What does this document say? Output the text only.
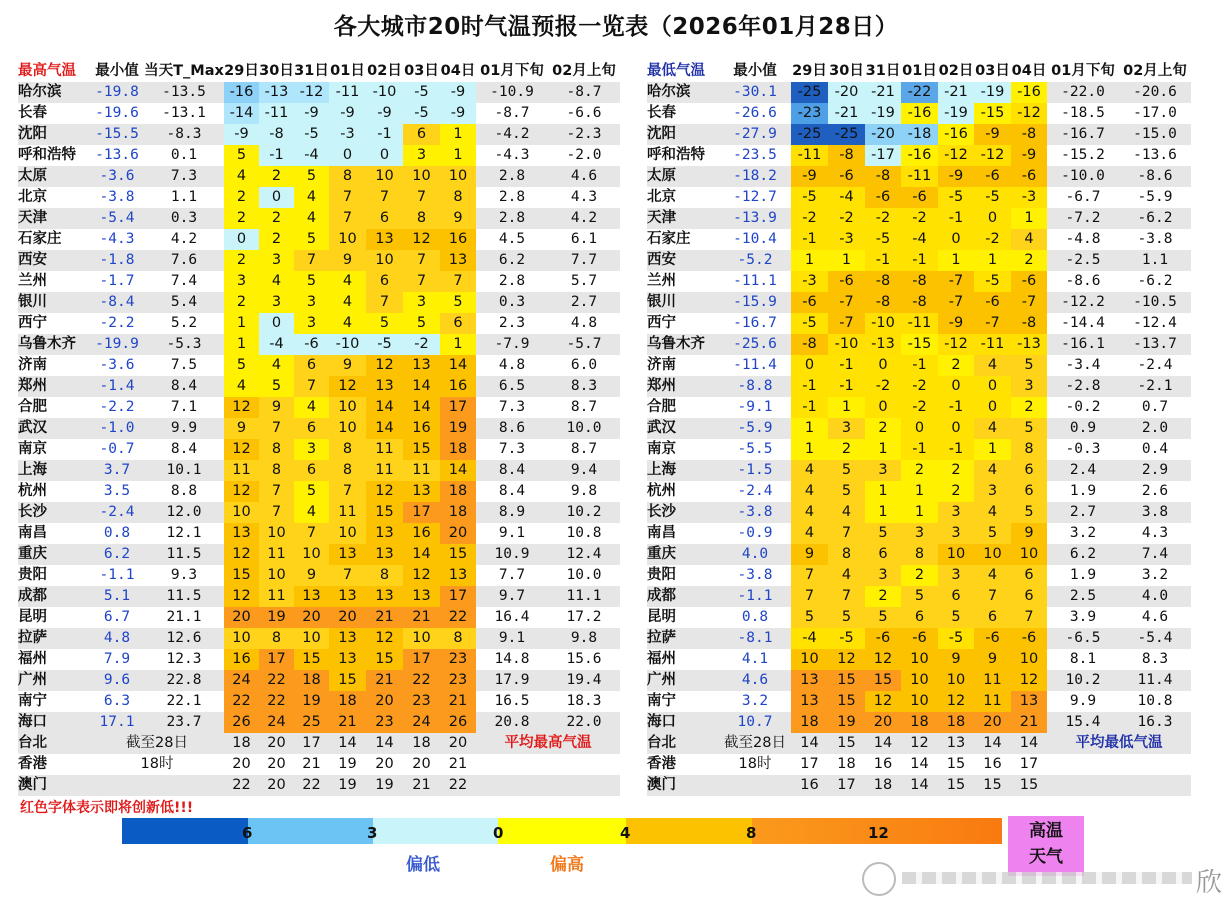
各大城市20时气温预报一览表（2026年01月28日）
最高气温	最小值	当天T_Max	29日	30日	31日	01日	02日	03日	04日	01月下旬	02月上旬
哈尔滨	-19.8	-13.5	-16	-13	-12	-11	-10	-5	-9	-10.9	-8.7
长春	-19.6	-13.1	-14	-11	-9	-9	-9	-5	-9	-8.7	-6.6
沈阳	-15.5	-8.3	-9	-8	-5	-3	-1	6	1	-4.2	-2.3
呼和浩特	-13.6	0.1	5	-1	-4	0	0	3	1	-4.3	-2.0
太原	-3.6	7.3	4	2	5	8	10	10	10	2.8	4.6
北京	-3.8	1.1	2	0	4	7	7	7	8	2.8	4.3
天津	-5.4	0.3	2	2	4	7	6	8	9	2.8	4.2
石家庄	-4.3	4.2	0	2	5	10	13	12	16	4.5	6.1
西安	-1.8	7.6	2	3	7	9	10	7	13	6.2	7.7
兰州	-1.7	7.4	3	4	5	4	6	7	7	2.8	5.7
银川	-8.4	5.4	2	3	3	4	7	3	5	0.3	2.7
西宁	-2.2	5.2	1	0	3	4	5	5	6	2.3	4.8
乌鲁木齐	-19.9	-5.3	1	-4	-6	-10	-5	-2	1	-7.9	-5.7
济南	-3.6	7.5	5	4	6	9	12	13	14	4.8	6.0
郑州	-1.4	8.4	4	5	7	12	13	14	16	6.5	8.3
合肥	-2.2	7.1	12	9	4	10	14	14	17	7.3	8.7
武汉	-1.0	9.9	9	7	6	10	14	16	19	8.6	10.0
南京	-0.7	8.4	12	8	3	8	11	15	18	7.3	8.7
上海	3.7	10.1	11	8	6	8	11	11	14	8.4	9.4
杭州	3.5	8.8	12	7	5	7	12	13	18	8.4	9.8
长沙	-2.4	12.0	10	7	4	11	15	17	18	8.9	10.2
南昌	0.8	12.1	13	10	7	10	13	16	20	9.1	10.8
重庆	6.2	11.5	12	11	10	13	13	14	15	10.9	12.4
贵阳	-1.1	9.3	15	10	9	7	8	12	13	7.7	10.0
成都	5.1	11.5	12	11	13	13	13	13	17	9.7	11.1
昆明	6.7	21.1	20	19	20	20	21	21	22	16.4	17.2
拉萨	4.8	12.6	10	8	10	13	12	10	8	9.1	9.8
福州	7.9	12.3	16	17	15	13	15	17	23	14.8	15.6
广州	9.6	22.8	24	22	18	15	21	22	23	17.9	19.4
南宁	6.3	22.1	22	22	19	18	20	23	21	16.5	18.3
海口	17.1	23.7	26	24	25	21	23	24	26	20.8	22.0
台北	截至28日		18	20	17	14	14	18	20	平均最高气温	
香港	18时		20	20	21	19	20	20	21		
澳门			22	20	22	19	19	21	22		
最低气温	最小值	29日	30日	31日	01日	02日	03日	04日	01月下旬	02月上旬
哈尔滨	-30.1	-25	-20	-21	-22	-21	-19	-16	-22.0	-20.6
长春	-26.6	-23	-21	-19	-16	-19	-15	-12	-18.5	-17.0
沈阳	-27.9	-25	-25	-20	-18	-16	-9	-8	-16.7	-15.0
呼和浩特	-23.5	-11	-8	-17	-16	-12	-12	-9	-15.2	-13.6
太原	-18.2	-9	-6	-8	-11	-9	-6	-6	-10.0	-8.6
北京	-12.7	-5	-4	-6	-6	-5	-5	-3	-6.7	-5.9
天津	-13.9	-2	-2	-2	-2	-1	0	1	-7.2	-6.2
石家庄	-10.4	-1	-3	-5	-4	0	-2	4	-4.8	-3.8
西安	-5.2	1	1	-1	-1	1	1	2	-2.5	1.1
兰州	-11.1	-3	-6	-8	-8	-7	-5	-6	-8.6	-6.2
银川	-15.9	-6	-7	-8	-8	-7	-6	-7	-12.2	-10.5
西宁	-16.7	-5	-7	-10	-11	-9	-7	-8	-14.4	-12.4
乌鲁木齐	-25.6	-8	-10	-13	-15	-12	-11	-13	-16.1	-13.7
济南	-11.4	0	-1	0	-1	2	4	5	-3.4	-2.4
郑州	-8.8	-1	-1	-2	-2	0	0	3	-2.8	-2.1
合肥	-9.1	-1	1	0	-2	-1	0	2	-0.2	0.7
武汉	-5.9	1	3	2	0	0	4	5	0.9	2.0
南京	-5.5	1	2	1	-1	-1	1	8	-0.3	0.4
上海	-1.5	4	5	3	2	2	4	6	2.4	2.9
杭州	-2.4	4	5	1	1	2	3	6	1.9	2.6
长沙	-3.8	4	4	1	1	3	4	5	2.7	3.8
南昌	-0.9	4	7	5	3	3	5	9	3.2	4.3
重庆	4.0	9	8	6	8	10	10	10	6.2	7.4
贵阳	-3.8	7	4	3	2	3	4	6	1.9	3.2
成都	-1.1	7	7	2	5	6	7	6	2.5	4.0
昆明	0.8	5	5	5	6	5	6	7	3.9	4.6
拉萨	-8.1	-4	-5	-6	-6	-5	-6	-6	-6.5	-5.4
福州	4.1	10	12	12	10	9	9	10	8.1	8.3
广州	4.6	13	15	15	10	10	11	12	10.2	11.4
南宁	3.2	13	15	12	10	12	11	13	9.9	10.8
海口	10.7	18	19	20	18	18	20	21	15.4	16.3
台北	截至28日	14	15	14	12	13	14	14	平均最低气温	
香港	18时	17	18	16	14	15	16	17		
澳门		16	17	18	14	15	15	15		
红色字体表示即将创新低!!!
6	3	0	4	8	12
偏低	偏高
高温
天气
欣
